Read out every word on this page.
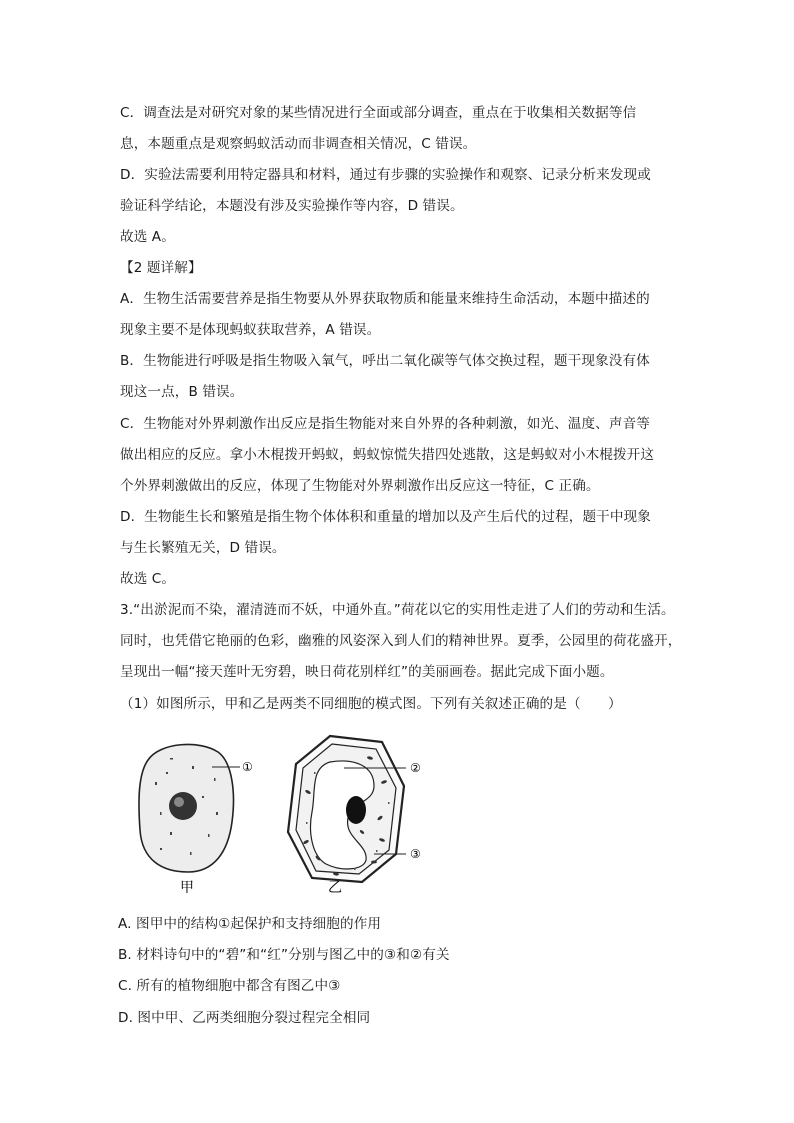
C．调查法是对研究对象的某些情况进行全面或部分调查，重点在于收集相关数据等信
息，本题重点是观察蚂蚁活动而非调查相关情况，C 错误。
D．实验法需要利用特定器具和材料，通过有步骤的实验操作和观察、记录分析来发现或
验证科学结论，本题没有涉及实验操作等内容，D 错误。
故选 A。
【2 题详解】
A．生物生活需要营养是指生物要从外界获取物质和能量来维持生命活动，本题中描述的
现象主要不是体现蚂蚁获取营养，A 错误。
B．生物能进行呼吸是指生物吸入氧气，呼出二氧化碳等气体交换过程，题干现象没有体
现这一点，B 错误。
C．生物能对外界刺激作出反应是指生物能对来自外界的各种刺激，如光、温度、声音等
做出相应的反应。拿小木棍拨开蚂蚁，蚂蚁惊慌失措四处逃散，这是蚂蚁对小木棍拨开这
个外界刺激做出的反应，体现了生物能对外界刺激作出反应这一特征，C 正确。
D．生物能生长和繁殖是指生物个体体积和重量的增加以及产生后代的过程，题干中现象
与生长繁殖无关，D 错误。
故选 C。
3.“出淤泥而不染，濯清涟而不妖，中通外直。”荷花以它的实用性走进了人们的劳动和生活。
同时，也凭借它艳丽的色彩，幽雅的风姿深入到人们的精神世界。夏季，公园里的荷花盛开，
呈现出一幅“接天莲叶无穷碧，映日荷花别样红”的美丽画卷。据此完成下面小题。
（1）如图所示，甲和乙是两类不同细胞的模式图。下列有关叙述正确的是（　　）
①	②
③
甲	乙
A. 图甲中的结构①起保护和支持细胞的作用
B. 材料诗句中的“碧”和“红”分别与图乙中的③和②有关
C. 所有的植物细胞中都含有图乙中③
D. 图中甲、乙两类细胞分裂过程完全相同
